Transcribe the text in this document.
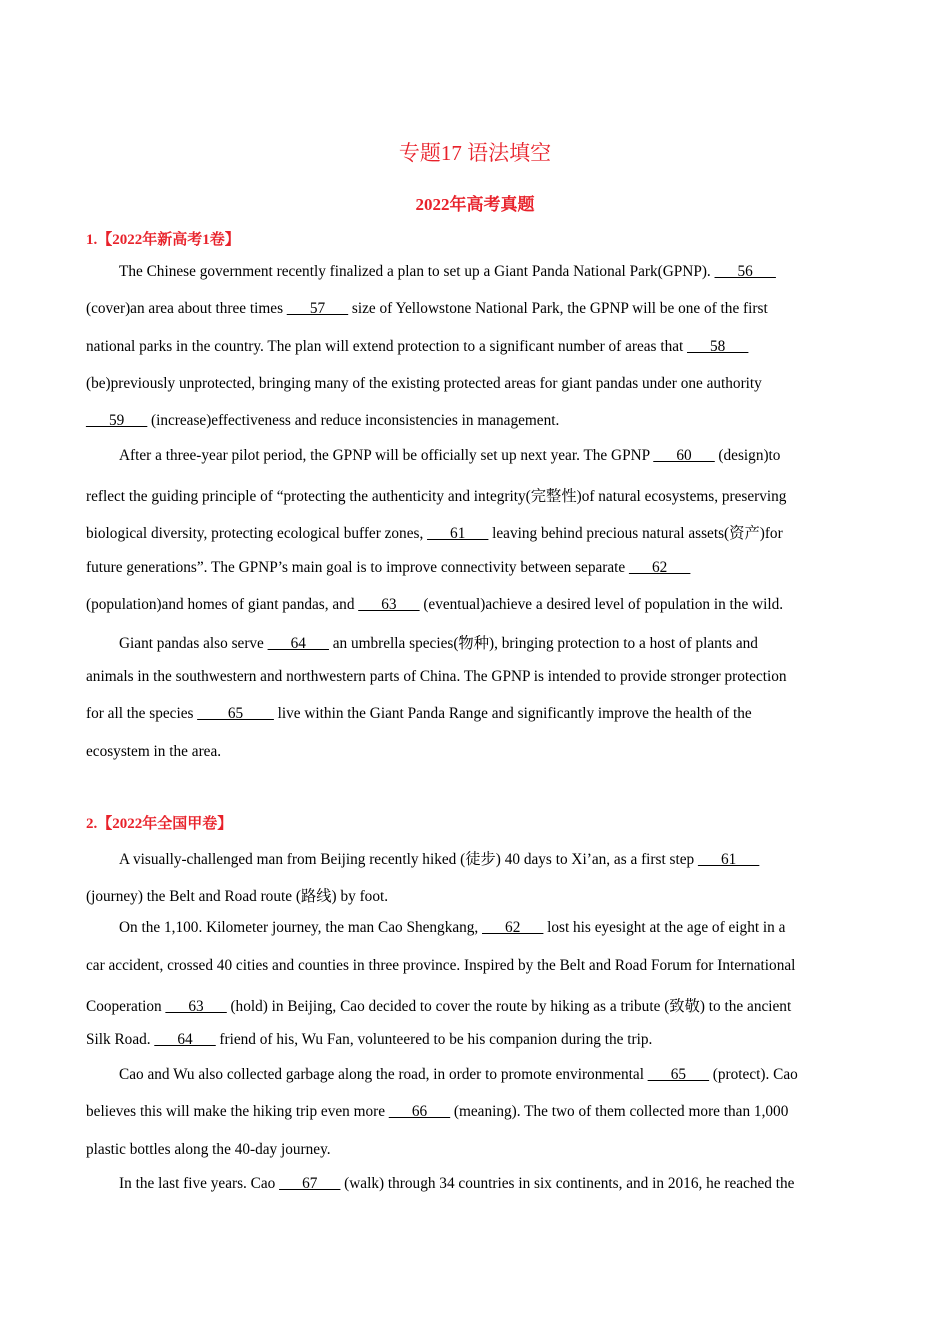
专题17 语法填空
2022年高考真题
1.【2022年新高考1卷】
The Chinese government recently finalized a plan to set up a Giant Panda National Park(GPNP). ___56___
(cover)an area about three times ___57___ size of Yellowstone National Park, the GPNP will be one of the first
national parks in the country. The plan will extend protection to a significant number of areas that ___58___
(be)previously unprotected, bringing many of the existing protected areas for giant pandas under one authority
___59___ (increase)effectiveness and reduce inconsistencies in management.
After a three-year pilot period, the GPNP will be officially set up next year. The GPNP ___60___ (design)to
reflect the guiding principle of “protecting the authenticity and integrity(完整性)of natural ecosystems, preserving
biological diversity, protecting ecological buffer zones, ___61___ leaving behind precious natural assets(资产)for
future generations”. The GPNP’s main goal is to improve connectivity between separate ___62___
(population)and homes of giant pandas, and ___63___ (eventual)achieve a desired level of population in the wild.
Giant pandas also serve ___64___ an umbrella species(物种), bringing protection to a host of plants and
animals in the southwestern and northwestern parts of China. The GPNP is intended to provide stronger protection
for all the species ____65____ live within the Giant Panda Range and significantly improve the health of the
ecosystem in the area.
2.【2022年全国甲卷】
A visually-challenged man from Beijing recently hiked (徒步) 40 days to Xi’an, as a first step ___61___
(journey) the Belt and Road route (路线) by foot.
On the 1,100. Kilometer journey, the man Cao Shengkang, ___62___ lost his eyesight at the age of eight in a
car accident, crossed 40 cities and counties in three province. Inspired by the Belt and Road Forum for International
Cooperation ___63___ (hold) in Beijing, Cao decided to cover the route by hiking as a tribute (致敬) to the ancient
Silk Road. ___64___ friend of his, Wu Fan, volunteered to be his companion during the trip.
Cao and Wu also collected garbage along the road, in order to promote environmental ___65___ (protect). Cao
believes this will make the hiking trip even more ___66___ (meaning). The two of them collected more than 1,000
plastic bottles along the 40-day journey.
In the last five years. Cao ___67___ (walk) through 34 countries in six continents, and in 2016, he reached the
